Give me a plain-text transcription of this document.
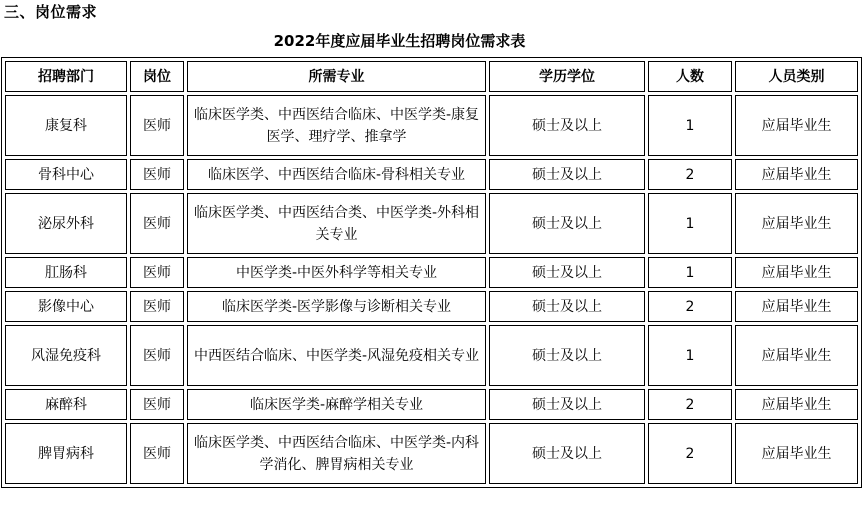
三、岗位需求
2022年度应届毕业生招聘岗位需求表
招聘部门	岗位	所需专业	学历学位	人数	人员类别
康复科	医师	临床医学类、中西医结合临床、中医学类-康复医学、理疗学、推拿学	硕士及以上	1	应届毕业生
骨科中心	医师	临床医学、中西医结合临床-骨科相关专业	硕士及以上	2	应届毕业生
泌尿外科	医师	临床医学类、中西医结合类、中医学类-外科相关专业	硕士及以上	1	应届毕业生
肛肠科	医师	中医学类-中医外科学等相关专业	硕士及以上	1	应届毕业生
影像中心	医师	临床医学类-医学影像与诊断相关专业	硕士及以上	2	应届毕业生
风湿免疫科	医师	中西医结合临床、中医学类-风湿免疫相关专业	硕士及以上	1	应届毕业生
麻醉科	医师	临床医学类-麻醉学相关专业	硕士及以上	2	应届毕业生
脾胃病科	医师	临床医学类、中西医结合临床、中医学类-内科学消化、脾胃病相关专业	硕士及以上	2	应届毕业生
